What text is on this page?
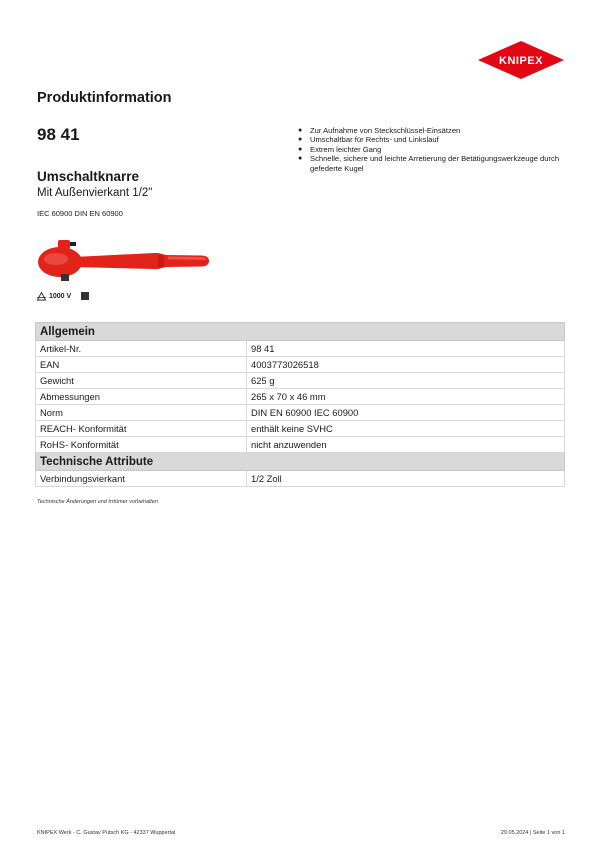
KNIPEX
Produktinformation
98 41
Umschaltknarre
Mit Außenvierkant 1/2"
IEC 60900 DIN EN 60900
● Zur Aufnahme von Steckschlüssel-Einsätzen
● Umschaltbar für Rechts- und Linkslauf
● Extrem leichter Gang
● Schnelle, sichere und leichte Arretierung der Betätigungswerkzeuge durch gefederte Kugel
1000 V
Allgemein	
Artikel-Nr.	98 41
EAN	4003773026518
Gewicht	625 g
Abmessungen	265 x 70 x 46 mm
Norm	DIN EN 60900 IEC 60900
REACH- Konformität	enthält keine SVHC
RoHS- Konformität	nicht anzuwenden
Technische Attribute	
Verbindungsvierkant	1/2 Zoll
Technische Änderungen und Irrtümer vorbehalten
KNIPEX Werk - C. Gustav Putsch KG - 42337 Wuppertal	29.05.2024 | Seite 1 von 1
